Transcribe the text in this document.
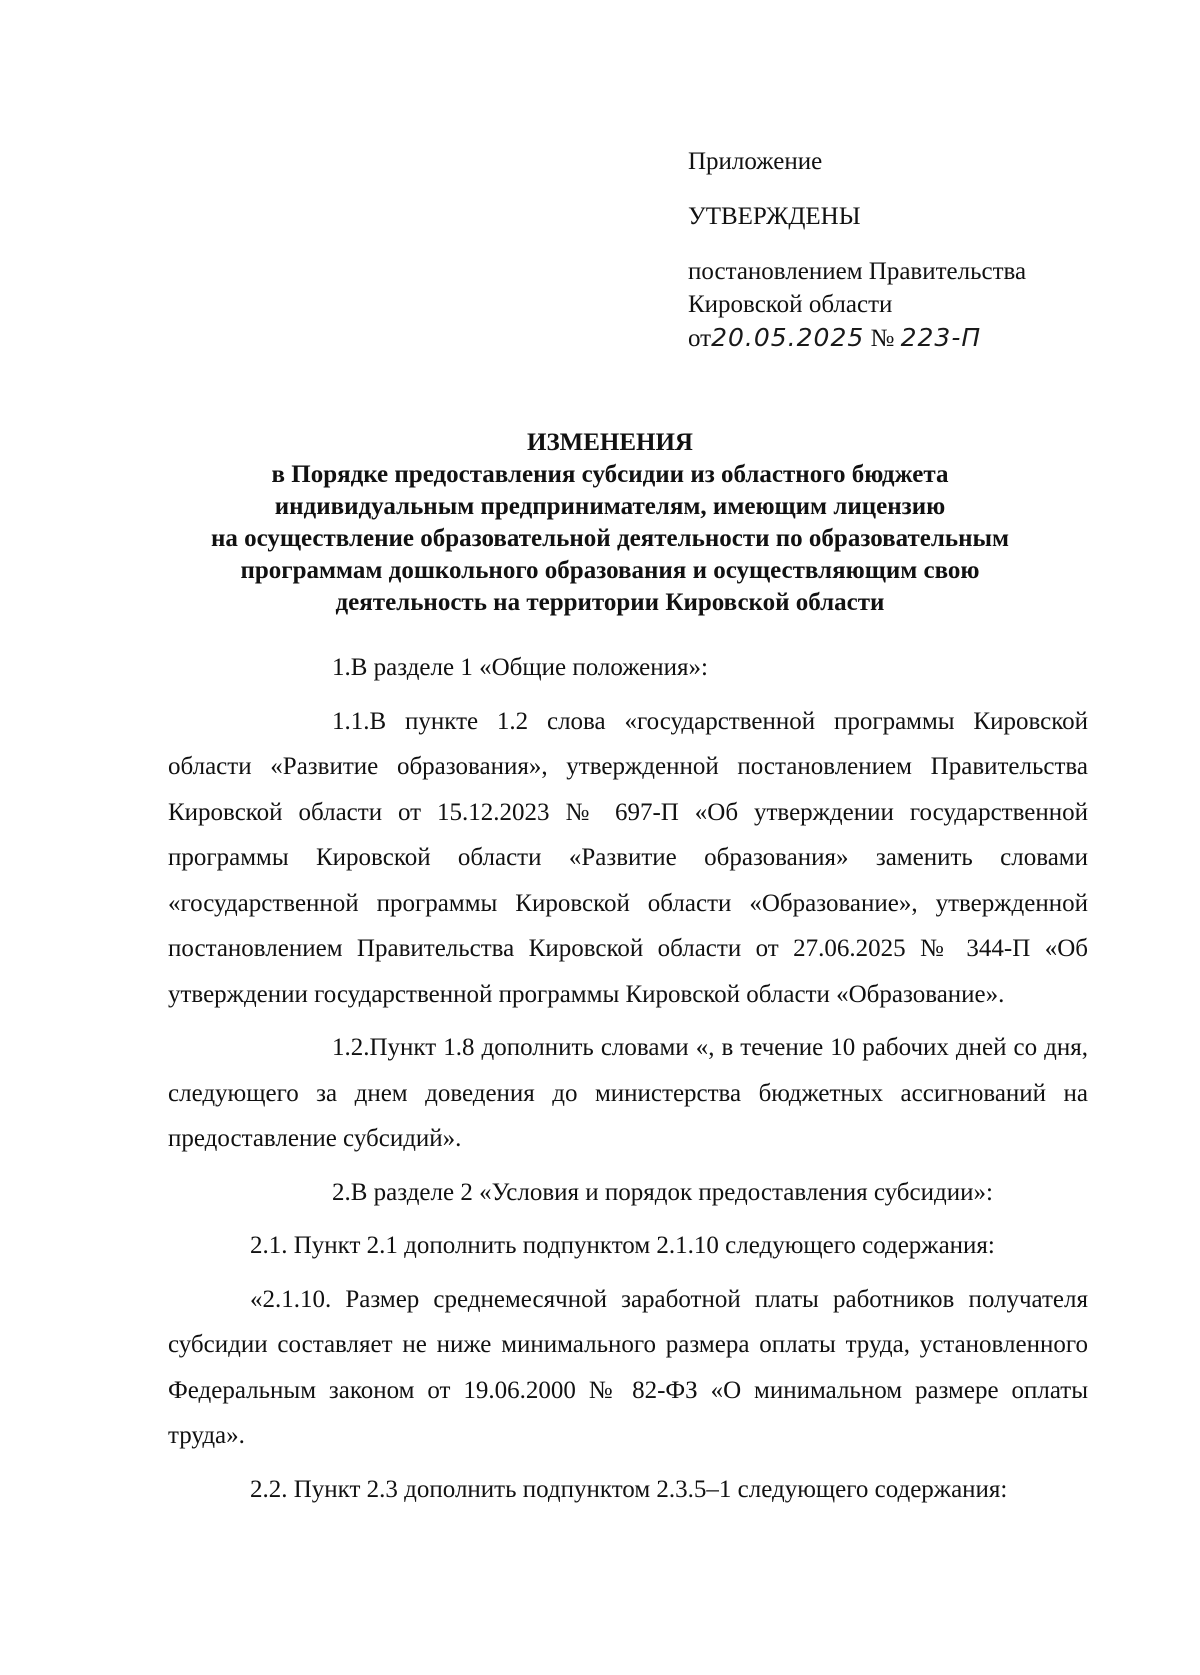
Приложение
УТВЕРЖДЕНЫ
постановлением Правительства
Кировской области
от20.05.2025 № 223-П
ИЗМЕНЕНИЯ
в Порядке предоставления субсидии из областного бюджета
индивидуальным предпринимателям, имеющим лицензию
на осуществление образовательной деятельности по образовательным
программам дошкольного образования и осуществляющим свою
деятельность на территории Кировской области

1.В разделе 1 «Общие положения»:

1.1.В пункте 1.2 слова «государственной программы Кировской области «Развитие образования», утвержденной постановлением Правительства Кировской области от 15.12.2023 № 697-П «Об утверждении государственной программы Кировской области «Развитие образования» заменить словами «государственной программы Кировской области «Образование», утвержденной постановлением Правительства Кировской области от 27.06.2025 № 344-П «Об утверждении государственной программы Кировской области «Образование».

1.2.Пункт 1.8 дополнить словами «, в течение 10 рабочих дней со дня, следующего за днем доведения до министерства бюджетных ассигнований на предоставление субсидий».

2.В разделе 2 «Условия и порядок предоставления субсидии»:

2.1. Пункт 2.1 дополнить подпунктом 2.1.10 следующего содержания:

«2.1.10. Размер среднемесячной заработной платы работников получателя субсидии составляет не ниже минимального размера оплаты труда, установленного Федеральным законом от 19.06.2000 № 82-ФЗ «О минимальном размере оплаты труда».

2.2. Пункт 2.3 дополнить подпунктом 2.3.5–1 следующего содержания:
